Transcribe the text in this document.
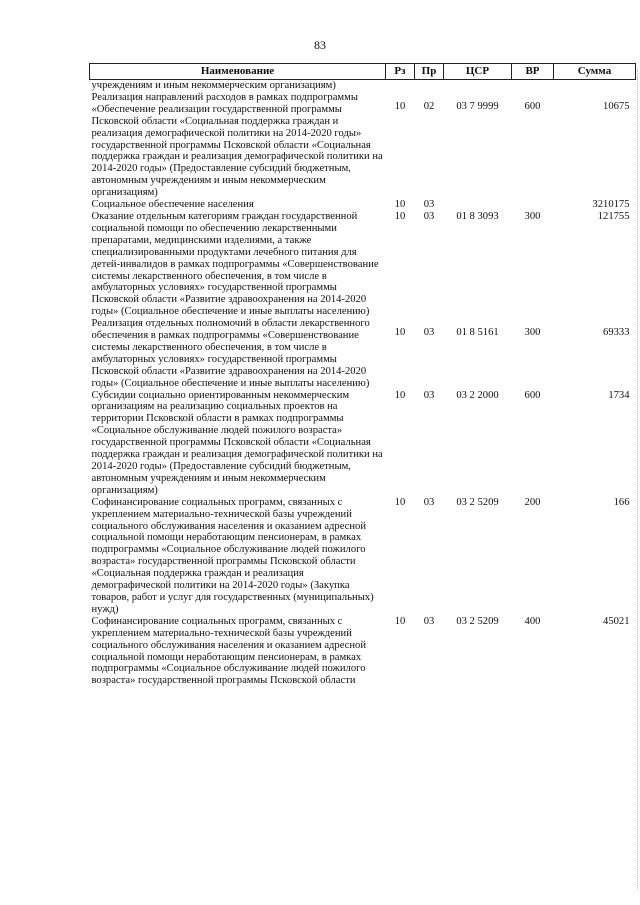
83
Наименование	Рз	Пр	ЦСР	ВР	Сумма
учреждениям и иным некоммерческим организациям)					
Реализация направлений расходов в рамках подпрограммы «Обеспечение реализации государственной программы Псковской области «Социальная поддержка граждан и реализация демографической политики на 2014-2020 годы» государственной программы Псковской области «Социальная поддержка граждан и реализация демографической политики на 2014-2020 годы» (Предоставление субсидий бюджетным, автономным учреждениям и иным некоммерческим организациям)	10	02	03 7 9999	600	10675
Социальное обеспечение населения	10	03			3210175
Оказание отдельным категориям граждан государственной социальной помощи по обеспечению лекарственными препаратами, медицинскими изделиями, а также специализированными продуктами лечебного питания для детей-инвалидов в рамках подпрограммы «Совершенствование системы лекарственного обеспечения, в том числе в амбулаторных условиях» государственной программы Псковской области «Развитие здравоохранения на 2014-2020 годы» (Социальное обеспечение и иные выплаты населению)	10	03	01 8 3093	300	121755
Реализация отдельных полномочий в области лекарственного обеспечения в рамках подпрограммы «Совершенствование системы лекарственного обеспечения, в том числе в амбулаторных условиях» государственной программы Псковской области «Развитие здравоохранения на 2014-2020 годы» (Социальное обеспечение и иные выплаты населению)	10	03	01 8 5161	300	69333
Субсидии социально ориентированным некоммерческим организациям на реализацию социальных проектов на территории Псковской области в рамках подпрограммы «Социальное обслуживание людей пожилого возраста» государственной программы Псковской области «Социальная поддержка граждан и реализация демографической политики на 2014-2020 годы» (Предоставление субсидий бюджетным, автономным учреждениям и иным некоммерческим организациям)	10	03	03 2 2000	600	1734
Софинансирование социальных программ, связанных с укреплением материально-технической базы учреждений социального обслуживания населения и оказанием адресной социальной помощи неработающим пенсионерам, в рамках подпрограммы «Социальное обслуживание людей пожилого возраста» государственной программы Псковской области «Социальная поддержка граждан и реализация демографической политики на 2014-2020 годы» (Закупка товаров, работ и услуг для государственных (муниципальных) нужд)	10	03	03 2 5209	200	166
Софинансирование социальных программ, связанных с укреплением материально-технической базы учреждений социального обслуживания населения и оказанием адресной социальной помощи неработающим пенсионерам, в рамках подпрограммы «Социальное обслуживание людей пожилого возраста» государственной программы Псковской области	10	03	03 2 5209	400	45021
